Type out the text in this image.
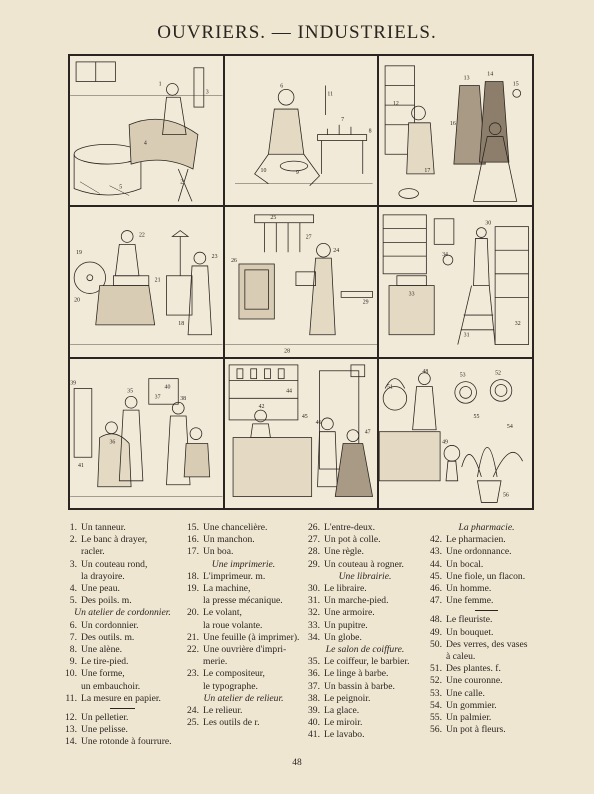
OUVRIERS. — INDUSTRIELS.
3
1
5
2
4
6
11
7
8
9
10
12
13
14
15
16
17
22
19
20
21
23
18
25
27
26
24
28
29
30
33
31
32
34
39
35
37
36
38
40
41
42
44
45
46
47
51
48
53	52
49
54
55
56
1. Un tanneur.
2. Le banc à drayer,
racler.
3. Un couteau rond,
la drayoire.
4. Une peau.
5. Des poils. m.
Un atelier de cordonnier.
6. Un cordonnier.
7. Des outils. m.
8. Une alène.
9. Le tire-pied.
10. Une forme,
un embauchoir.
11. La mesure en papier.
12. Un pelletier.
13. Une pelisse.
14. Une rotonde à fourrure.
15. Une chancelière.
16. Un manchon.
17. Un boa.
Une imprimerie.
18. L'imprimeur. m.
19. La machine,
la presse mécanique.
20. Le volant,
la roue volante.
21. Une feuille (à imprimer).
22. Une ouvrière d'impri-
merie.
23. Le compositeur,
le typographe.
Un atelier de relieur.
24. Le relieur.
25. Les outils de r.
26. L'entre-deux.
27. Un pot à colle.
28. Une règle.
29. Un couteau à rogner.
Une librairie.
30. Le libraire.
31. Un marche-pied.
32. Une armoire.
33. Un pupitre.
34. Un globe.
Le salon de coiffure.
35. Le coiffeur, le barbier.
36. Le linge à barbe.
37. Un bassin à barbe.
38. Le peignoir.
39. La glace.
40. Le miroir.
41. Le lavabo.
La pharmacie.
42. Le pharmacien.
43. Une ordonnance.
44. Un bocal.
45. Une fiole, un flacon.
46. Un homme.
47. Une femme.
48. Le fleuriste.
49. Un bouquet.
50. Des verres, des vases
à caleu.
51. Des plantes. f.
52. Une couronne.
53. Une calle.
54. Un gommier.
55. Un palmier.
56. Un pot à fleurs.
48
